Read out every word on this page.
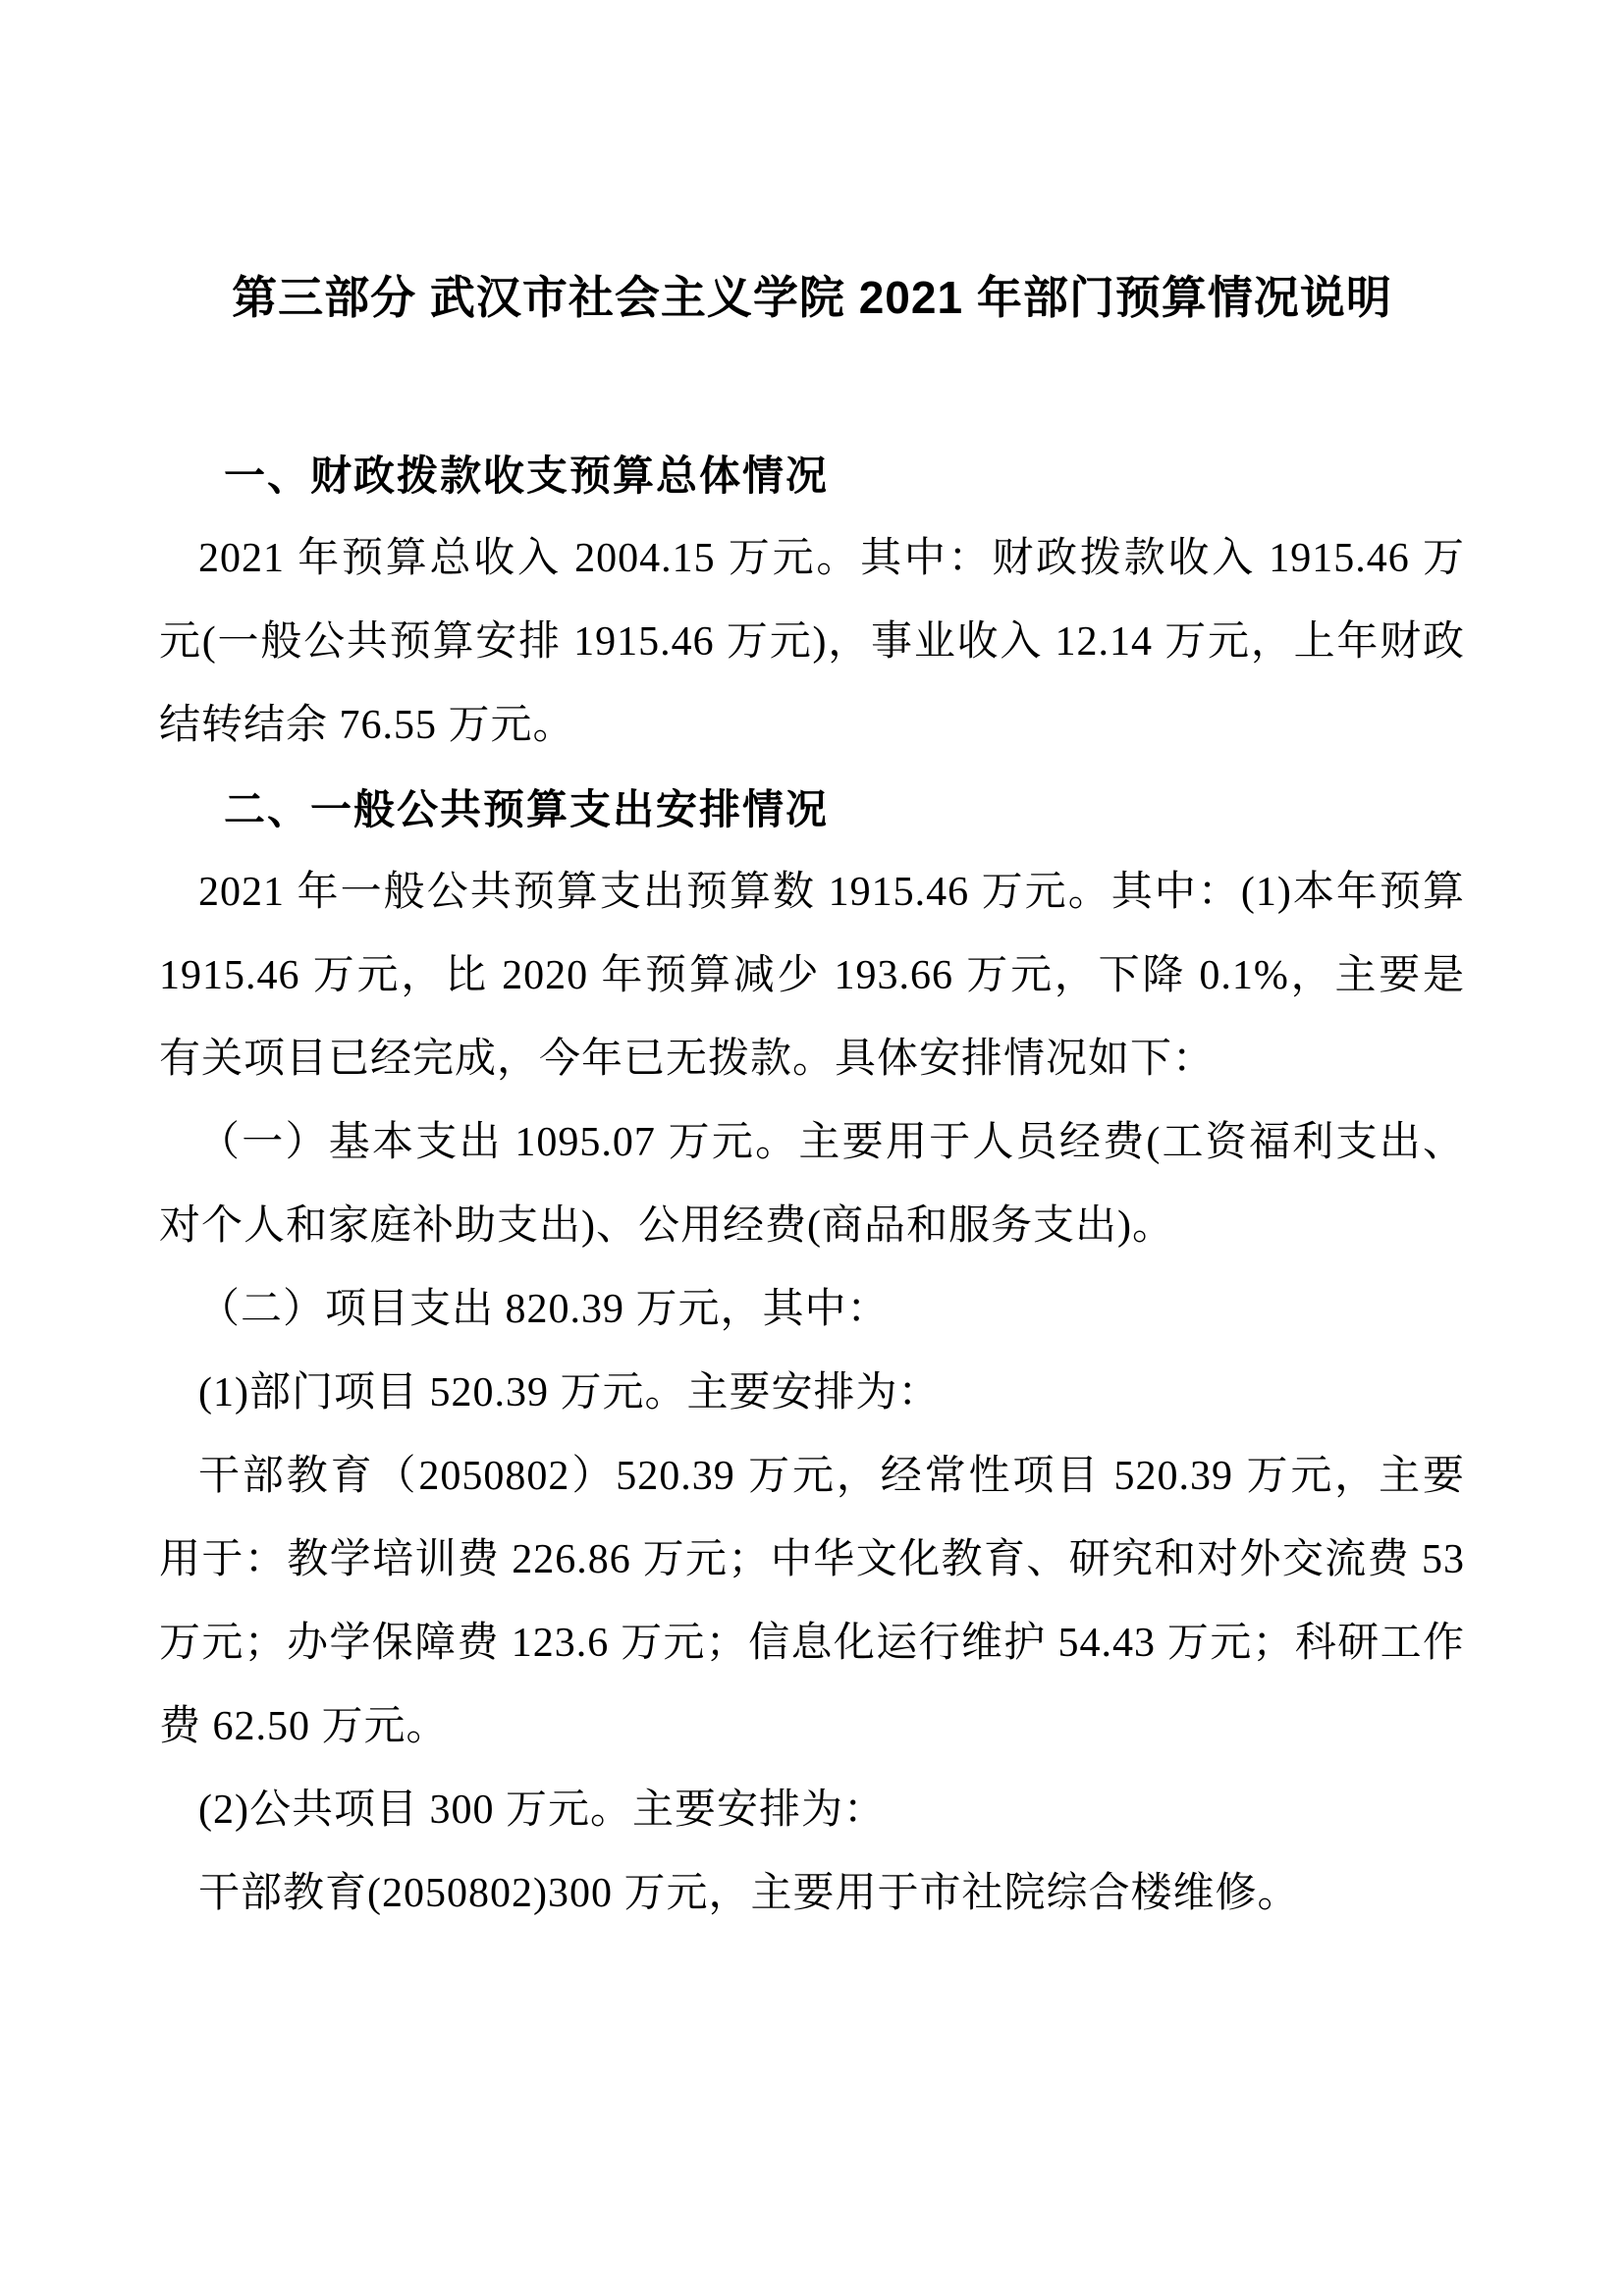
第三部分 武汉市社会主义学院 2021 年部门预算情况说明
一、财政拨款收支预算总体情况

2021 年预算总收入 2004.15 万元。其中：财政拨款收入 1915.46 万元(一般公共预算安排 1915.46 万元)，事业收入 12.14 万元，上年财政结转结余 76.55 万元。

二、一般公共预算支出安排情况

2021 年一般公共预算支出预算数 1915.46 万元。其中：(1)本年预算 1915.46 万元，比 2020 年预算减少 193.66 万元，下降 0.1%，主要是有关项目已经完成，今年已无拨款。具体安排情况如下：

（一）基本支出 1095.07 万元。主要用于人员经费(工资福利支出、对个人和家庭补助支出)、公用经费(商品和服务支出)。

（二）项目支出 820.39 万元，其中：

(1)部门项目 520.39 万元。主要安排为：

干部教育（2050802）520.39 万元，经常性项目 520.39 万元，主要用于：教学培训费 226.86 万元；中华文化教育、研究和对外交流费 53 万元；办学保障费 123.6 万元；信息化运行维护 54.43 万元；科研工作费 62.50 万元。

(2)公共项目 300 万元。主要安排为：

干部教育(2050802)300 万元，主要用于市社院综合楼维修。
